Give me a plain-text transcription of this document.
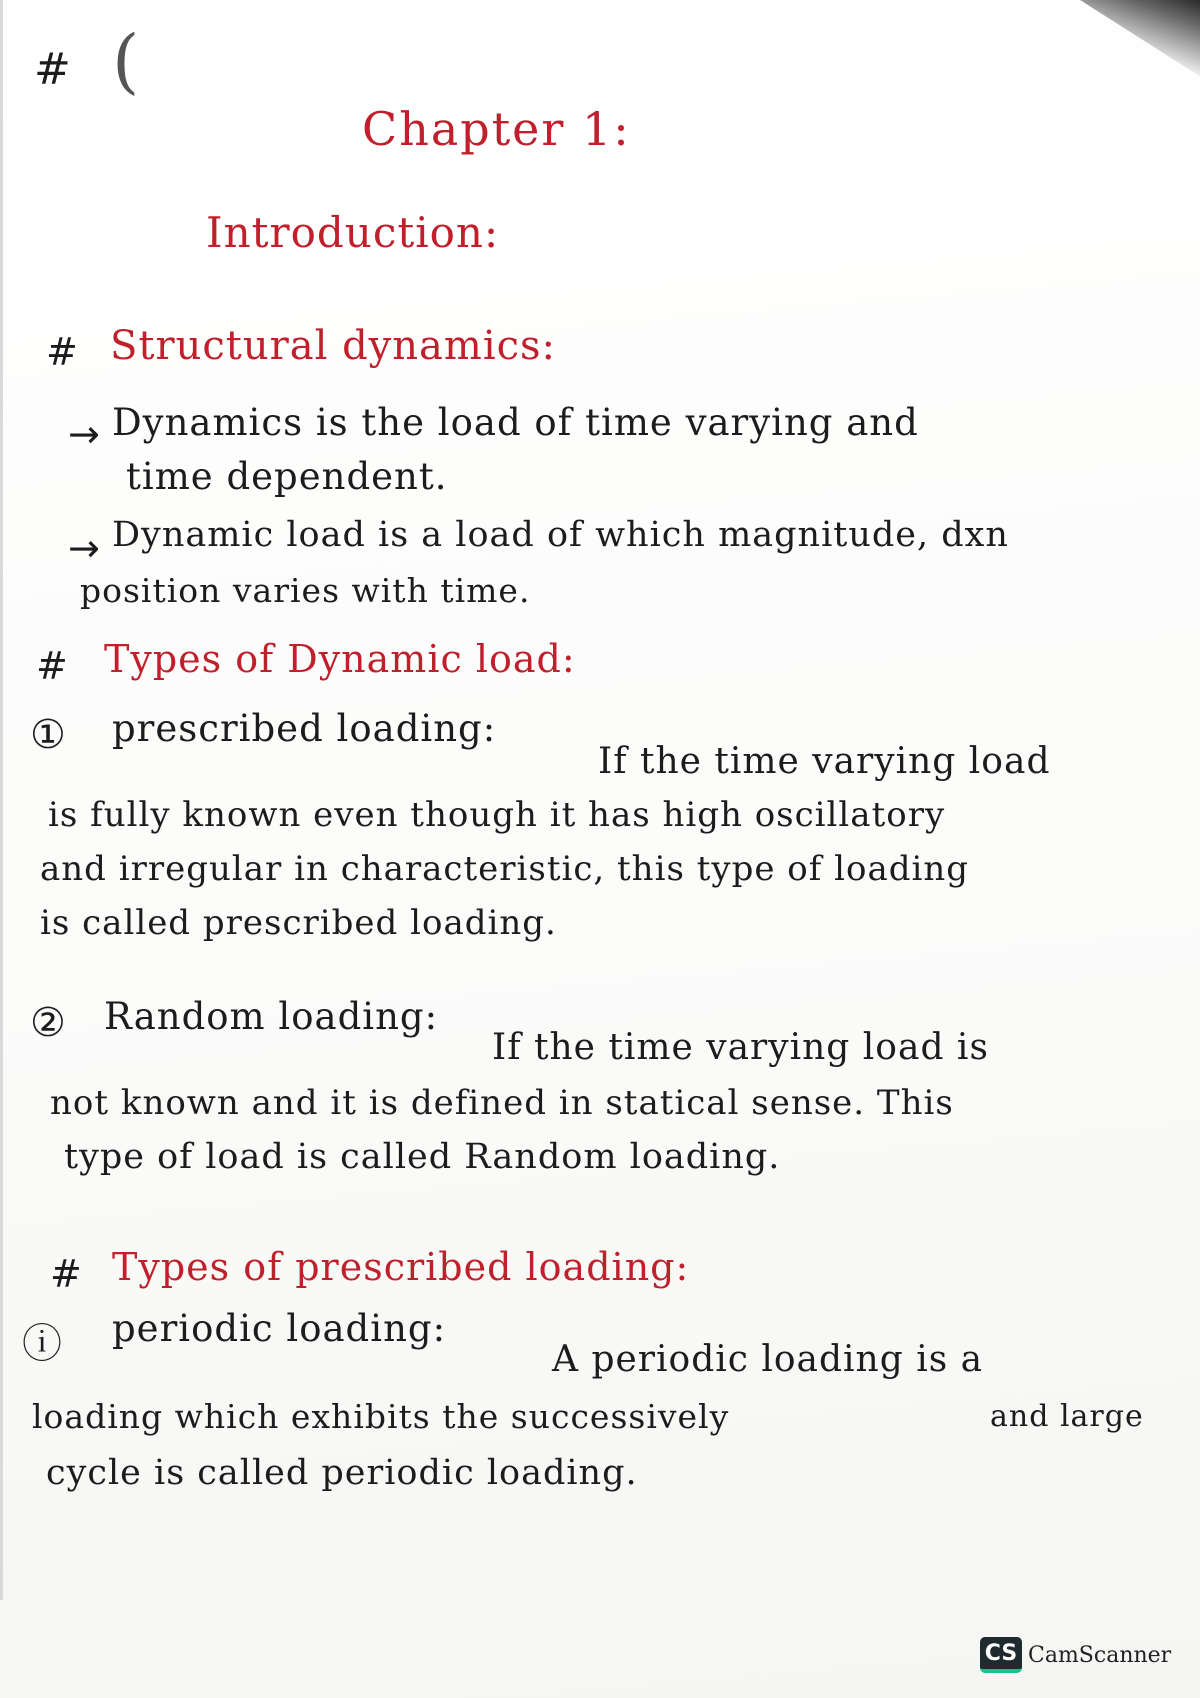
# (
Chapter 1:
Introduction:
# Structural dynamics:
→ Dynamics is the load of time varying and
time dependent.
→ Dynamic load is a load of which magnitude, dxn
position varies with time.
# Types of Dynamic load:
① prescribed loading:
If the time varying load
is fully known even though it has high oscillatory
and irregular in characteristic, this type of loading
is called prescribed loading.
② Random loading:
If the time varying load is
not known and it is defined in statical sense. This
type of load is called Random loading.
# Types of prescribed loading:
ⓘ periodic loading:
A periodic loading is a
loading which exhibits the successively	and large
cycle is called periodic loading.
CS CamScanner
